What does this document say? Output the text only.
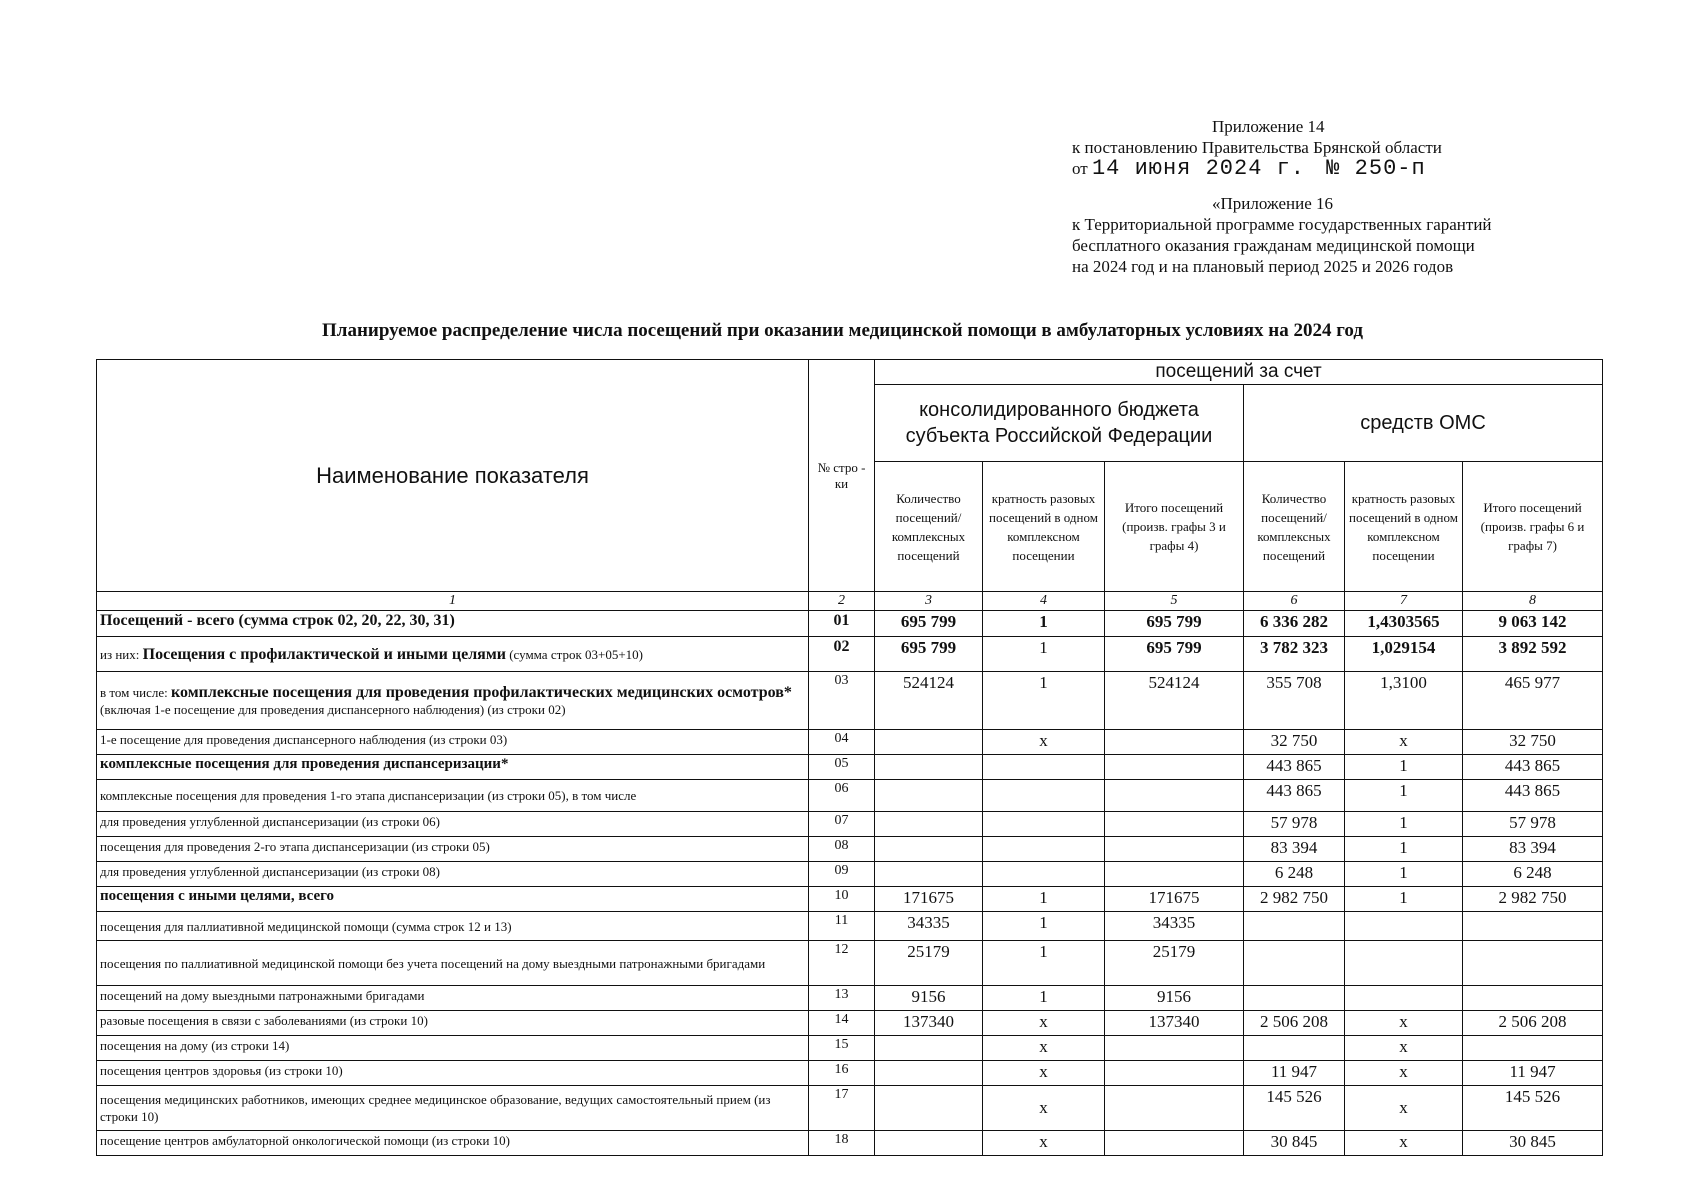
Приложение 14
к постановлению Правительства Брянской области
от 14 июня 2024 г. № 250-п
«Приложение 16
к Территориальной программе государственных гарантий
бесплатного оказания гражданам медицинской помощи
на 2024 год и на плановый период 2025 и 2026 годов
Планируемое распределение числа посещений при оказании медицинской помощи в амбулаторных условиях на 2024 год
Наименование показателя	№ стро - ки	посещений за счет					
		консолидированного бюджета субъекта Российской Федерации			средств ОМС		
		Количество посещений/ комплексных посещений	кратность разовых посещений в одном комплексном посещении	Итого посещений (произв. графы 3 и графы 4)	Количество посещений/ комплексных посещений	кратность разовых посещений в одном комплексном посещении	Итого посещений (произв. графы 6 и графы 7)
1	2	3	4	5	6	7	8
Посещений - всего (сумма строк 02, 20, 22, 30, 31)	01	695 799	1	695 799	6 336 282	1,4303565	9 063 142
из них: Посещения с профилактической и иными целями (сумма строк 03+05+10)	02	695 799	1	695 799	3 782 323	1,029154	3 892 592
в том числе: комплексные посещения для проведения профилактических медицинских осмотров* (включая 1-е посещение для проведения диспансерного наблюдения) (из строки 02)	03	524124	1	524124	355 708	1,3100	465 977
1-е посещение для проведения диспансерного наблюдения (из строки 03)	04		х		32 750	х	32 750
комплексные посещения для проведения диспансеризации*	05				443 865	1	443 865
комплексные посещения для проведения 1-го этапа диспансеризации (из строки 05), в том числе	06				443 865	1	443 865
для проведения углубленной диспансеризации (из строки 06)	07				57 978	1	57 978
посещения для проведения 2-го этапа диспансеризации (из строки 05)	08				83 394	1	83 394
для проведения углубленной диспансеризации (из строки 08)	09				6 248	1	6 248
посещения с иными целями, всего	10	171675	1	171675	2 982 750	1	2 982 750
посещения для паллиативной медицинской помощи (сумма строк 12 и 13)	11	34335	1	34335			
посещения по паллиативной медицинской помощи без учета посещений на дому выездными патронажными бригадами	12	25179	1	25179			
посещений на дому выездными патронажными бригадами	13	9156	1	9156			
разовые посещения в связи с заболеваниями (из строки 10)	14	137340	х	137340	2 506 208	х	2 506 208
посещения на дому (из строки 14)	15		х			х	
посещения центров здоровья (из строки 10)	16		х		11 947	х	11 947
посещения медицинских работников, имеющих среднее медицинское образование, ведущих самостоятельный прием (из строки 10)	17		х		145 526	х	145 526
посещение центров амбулаторной онкологической помощи (из строки 10)	18		х		30 845	х	30 845
